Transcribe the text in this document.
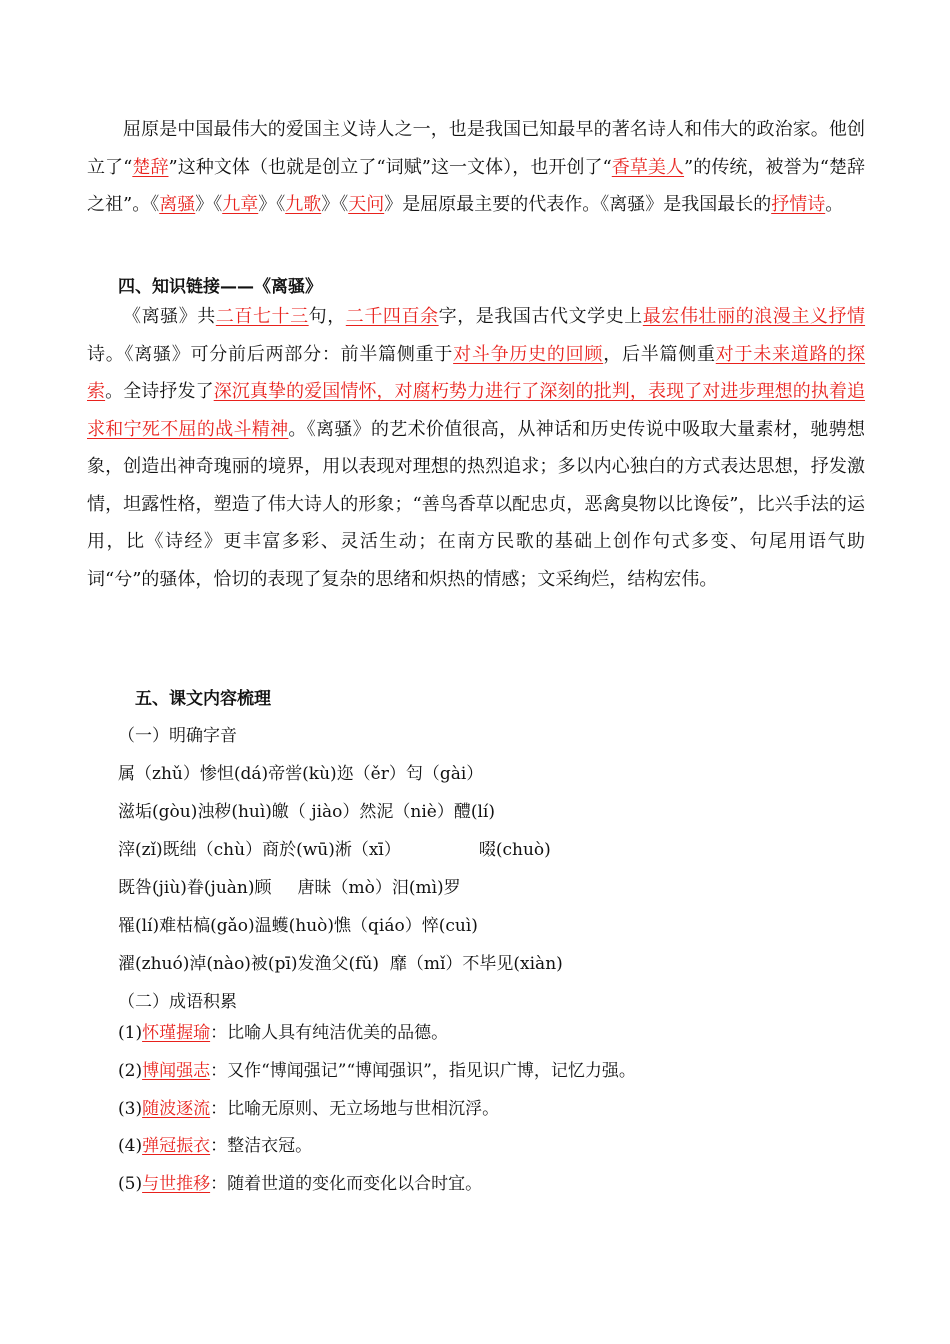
屈原是中国最伟大的爱国主义诗人之一，也是我国已知最早的著名诗人和伟大的政治家。他创立了“楚辞”这种文体（也就是创立了“词赋”这一文体），也开创了“香草美人”的传统，被誉为“楚辞之祖”。《离骚》《九章》《九歌》《天问》是屈原最主要的代表作。《离骚》是我国最长的抒情诗。

四、知识链接——《离骚》

《离骚》共二百七十三句，二千四百余字，是我国古代文学史上最宏伟壮丽的浪漫主义抒情诗。《离骚》可分前后两部分：前半篇侧重于对斗争历史的回顾，后半篇侧重对于未来道路的探索。全诗抒发了深沉真挚的爱国情怀，对腐朽势力进行了深刻的批判，表现了对进步理想的执着追求和宁死不屈的战斗精神。《离骚》的艺术价值很高，从神话和历史传说中吸取大量素材，驰骋想象，创造出神奇瑰丽的境界，用以表现对理想的热烈追求；多以内心独白的方式表达思想，抒发激情，坦露性格，塑造了伟大诗人的形象；“善鸟香草以配忠贞，恶禽臭物以比谗佞”，比兴手法的运用，比《诗经》更丰富多彩、灵活生动；在南方民歌的基础上创作句式多变、句尾用语气助词“兮”的骚体，恰切的表现了复杂的思绪和炽热的情感；文采绚烂，结构宏伟。

五、课文内容梳理

（一）明确字音

属（zhǔ）惨怛(dá)帝喾(kù)迩（ěr）匄（gài）

滋垢(gòu)浊秽(huì)皦（ jiào）然泥（niè）醴(lí)

滓(zǐ)既绌（chù）商於(wū)淅（xī）	啜(chuò)

既咎(jiù)眷(juàn)顾 唐昧（mò）汨(mì)罗

罹(lí)难枯槁(gǎo)温蠖(huò)憔（qiáo）悴(cuì)

濯(zhuó)淖(nào)被(pī)发渔父(fǔ) 靡（mǐ）不毕见(xiàn)

（二）成语积累

(1)怀瑾握瑜：比喻人具有纯洁优美的品德。

(2)博闻强志：又作“博闻强记”“博闻强识”，指见识广博，记忆力强。

(3)随波逐流：比喻无原则、无立场地与世相沉浮。

(4)弹冠振衣：整洁衣冠。

(5)与世推移：随着世道的变化而变化以合时宜。
